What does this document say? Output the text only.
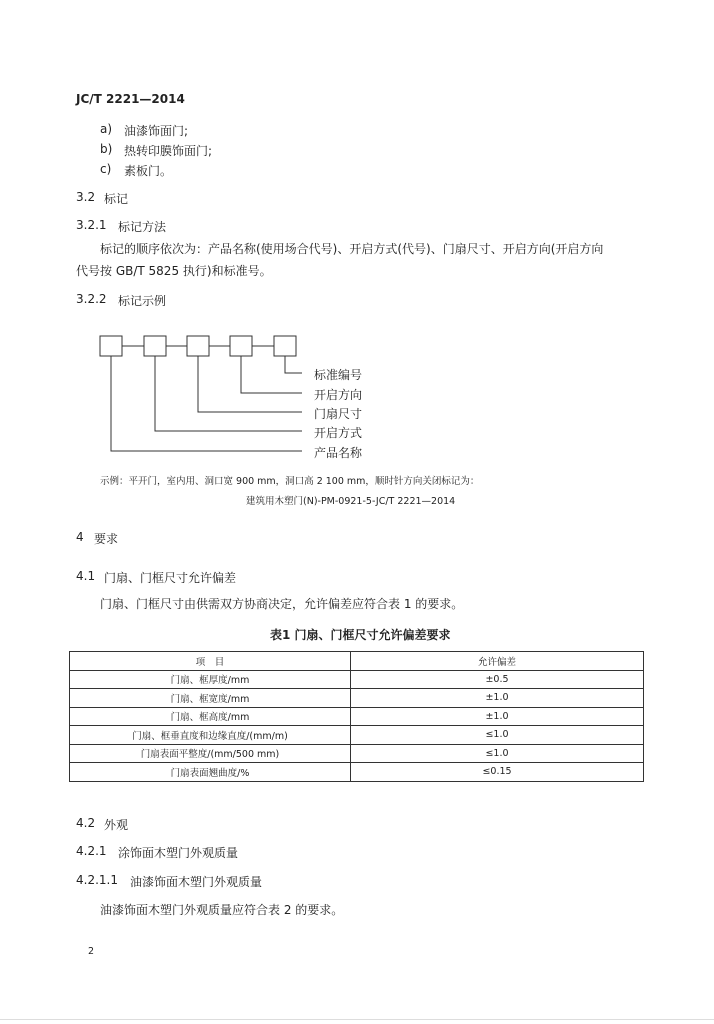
JC/T 2221—2014
a) 油漆饰面门;
b) 热转印膜饰面门;
c) 素板门。
3.2 标记
3.2.1 标记方法
标记的顺序依次为：产品名称(使用场合代号)、开启方式(代号)、门扇尺寸、开启方向(开启方向
代号按 GB/T 5825 执行)和标准号。
3.2.2 标记示例
标准编号
开启方向
门扇尺寸
开启方式
产品名称
示例：平开门，室内用、洞口宽 900 mm，洞口高 2 100 mm，顺时针方向关闭标记为：
建筑用木塑门(N)-PM-0921-5-JC/T 2221—2014
4 要求
4.1 门扇、门框尺寸允许偏差
门扇、门框尺寸由供需双方协商决定，允许偏差应符合表 1 的要求。
表1 门扇、门框尺寸允许偏差要求
项　目	允许偏差
门扇、框厚度/mm	±0.5
门扇、框宽度/mm	±1.0
门扇、框高度/mm	±1.0
门扇、框垂直度和边缘直度/(mm/m)	≤1.0
门扇表面平整度/(mm/500 mm)	≤1.0
门扇表面翘曲度/%	≤0.15
4.2 外观
4.2.1 涂饰面木塑门外观质量
4.2.1.1 油漆饰面木塑门外观质量
油漆饰面木塑门外观质量应符合表 2 的要求。
2
